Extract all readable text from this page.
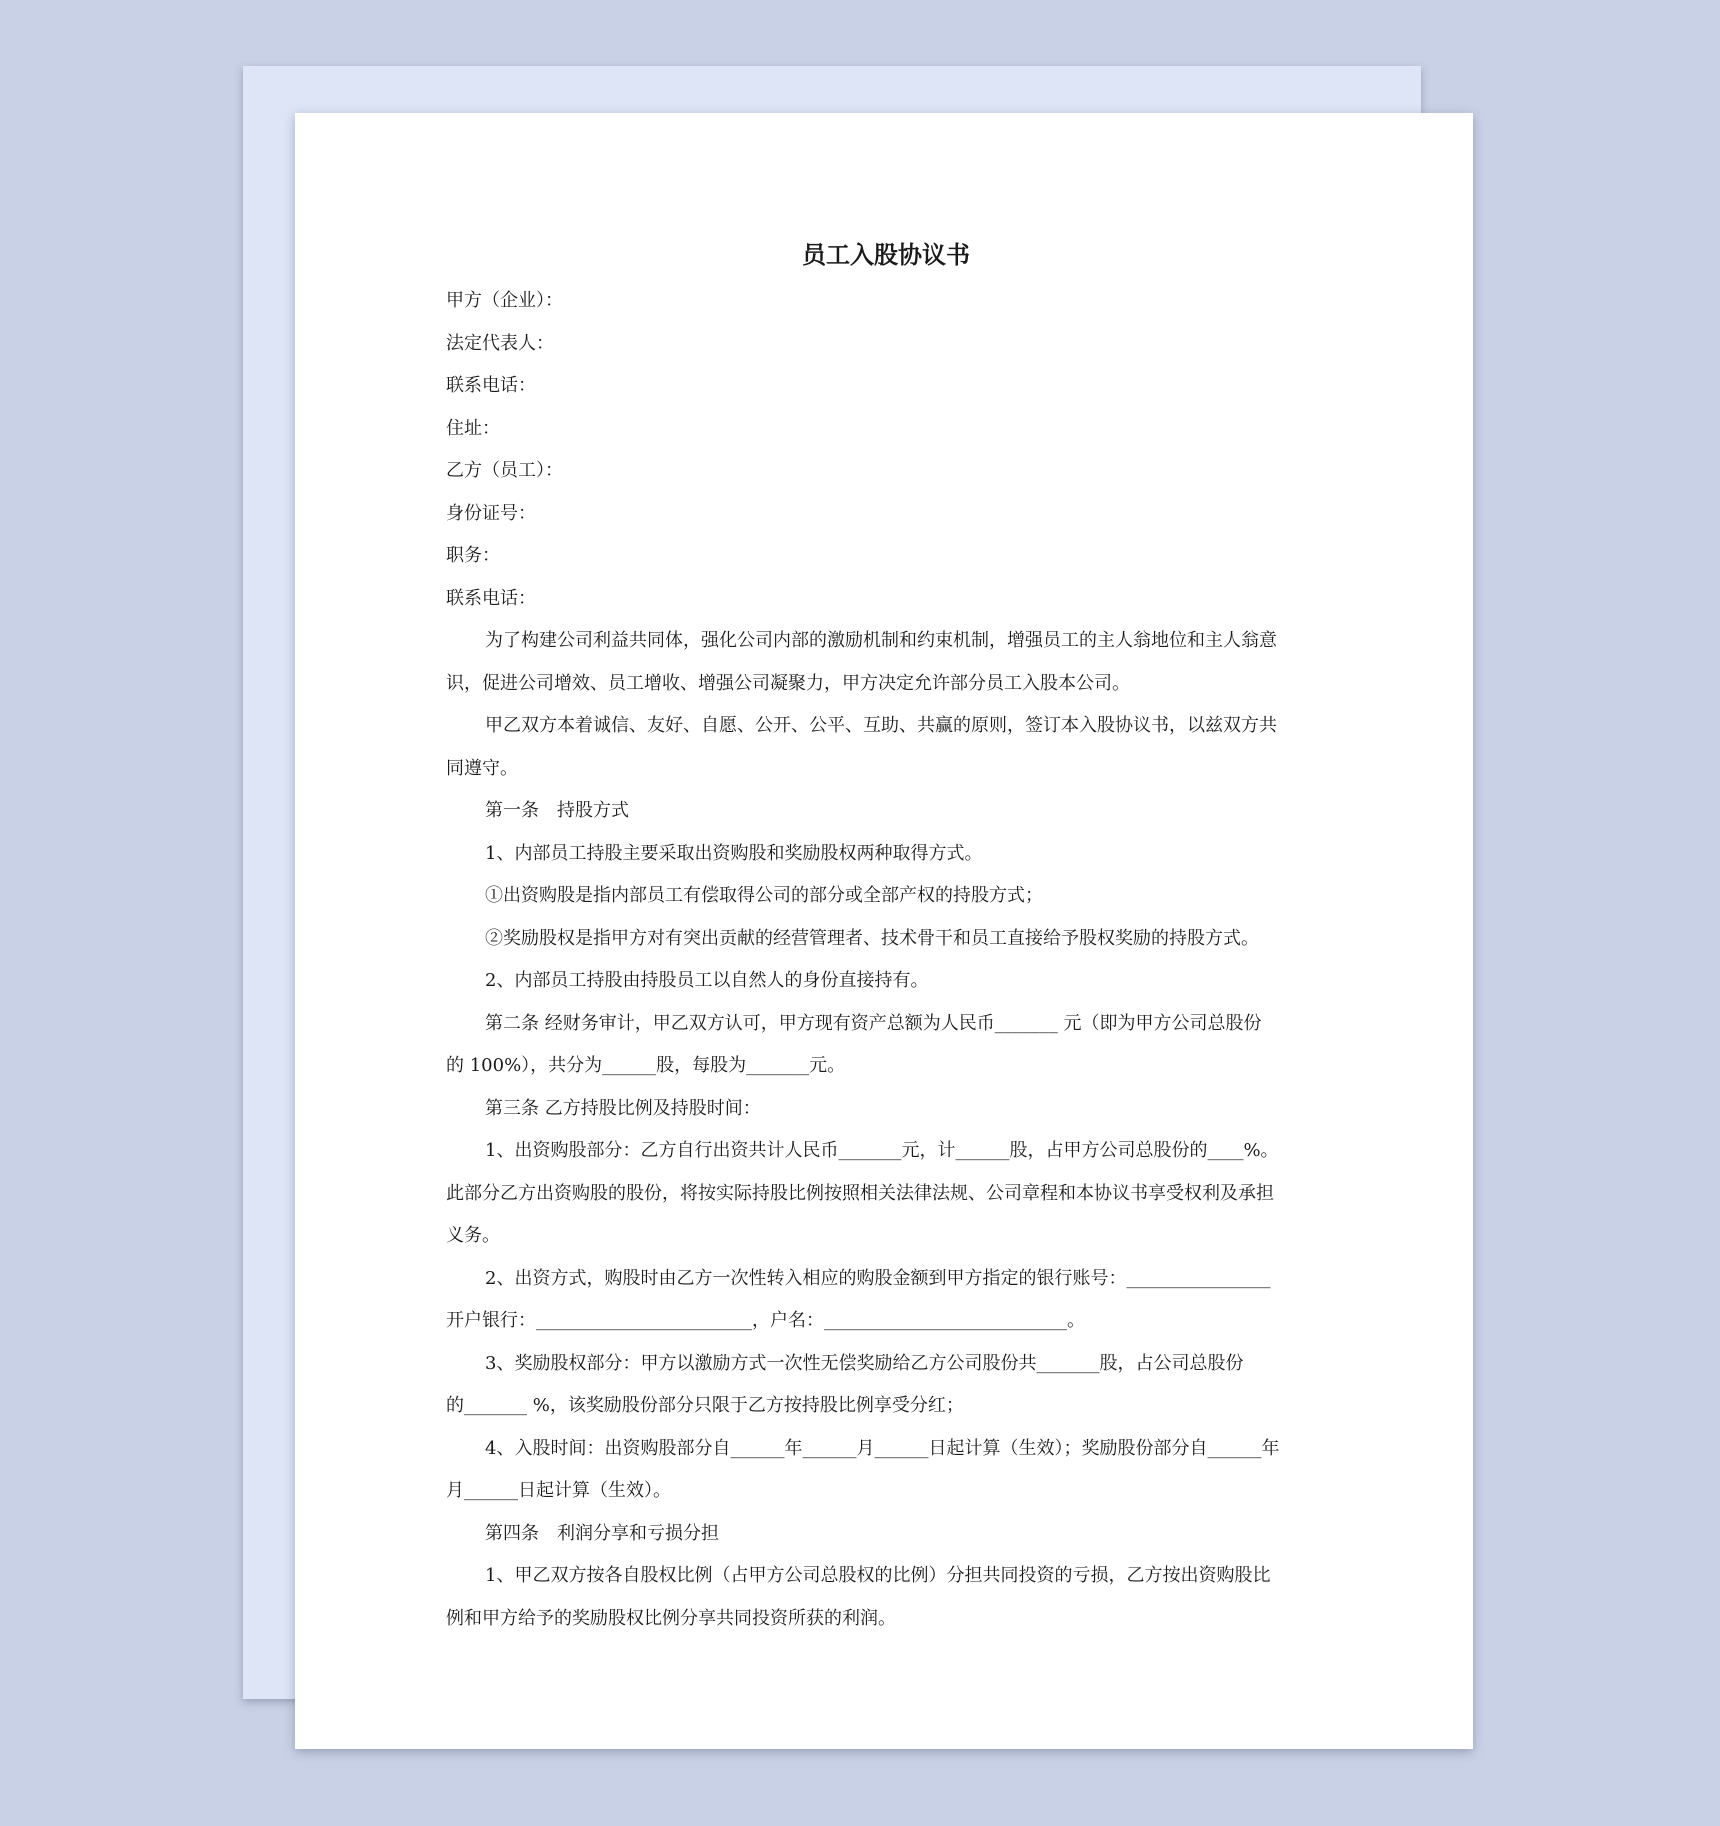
员工入股协议书
甲方（企业）：
法定代表人：
联系电话：
住址：
乙方（员工）：
身份证号：
职务：
联系电话：
为了构建公司利益共同体，强化公司内部的激励机制和约束机制，增强员工的主人翁地位和主人翁意
识，促进公司增效、员工增收、增强公司凝聚力，甲方决定允许部分员工入股本公司。
甲乙双方本着诚信、友好、自愿、公开、公平、互助、共赢的原则，签订本入股协议书，以兹双方共
同遵守。
第一条　持股方式
1、内部员工持股主要采取出资购股和奖励股权两种取得方式。
①出资购股是指内部员工有偿取得公司的部分或全部产权的持股方式；
②奖励股权是指甲方对有突出贡献的经营管理者、技术骨干和员工直接给予股权奖励的持股方式。
2、内部员工持股由持股员工以自然人的身份直接持有。
第二条 经财务审计，甲乙双方认可，甲方现有资产总额为人民币_______ 元（即为甲方公司总股份
的 100%），共分为______股，每股为_______元。
第三条 乙方持股比例及持股时间：
1、出资购股部分：乙方自行出资共计人民币_______元，计______股，占甲方公司总股份的____%。
此部分乙方出资购股的股份，将按实际持股比例按照相关法律法规、公司章程和本协议书享受权利及承担
义务。
2、出资方式，购股时由乙方一次性转入相应的购股金额到甲方指定的银行账号：________________
开户银行：________________________，户名：___________________________。
3、奖励股权部分：甲方以激励方式一次性无偿奖励给乙方公司股份共_______股，占公司总股份
的_______ %，该奖励股份部分只限于乙方按持股比例享受分红；
4、入股时间：出资购股部分自______年______月______日起计算（生效）；奖励股份部分自______年
月______日起计算（生效）。
第四条　利润分享和亏损分担
1、甲乙双方按各自股权比例（占甲方公司总股权的比例）分担共同投资的亏损，乙方按出资购股比
例和甲方给予的奖励股权比例分享共同投资所获的利润。
